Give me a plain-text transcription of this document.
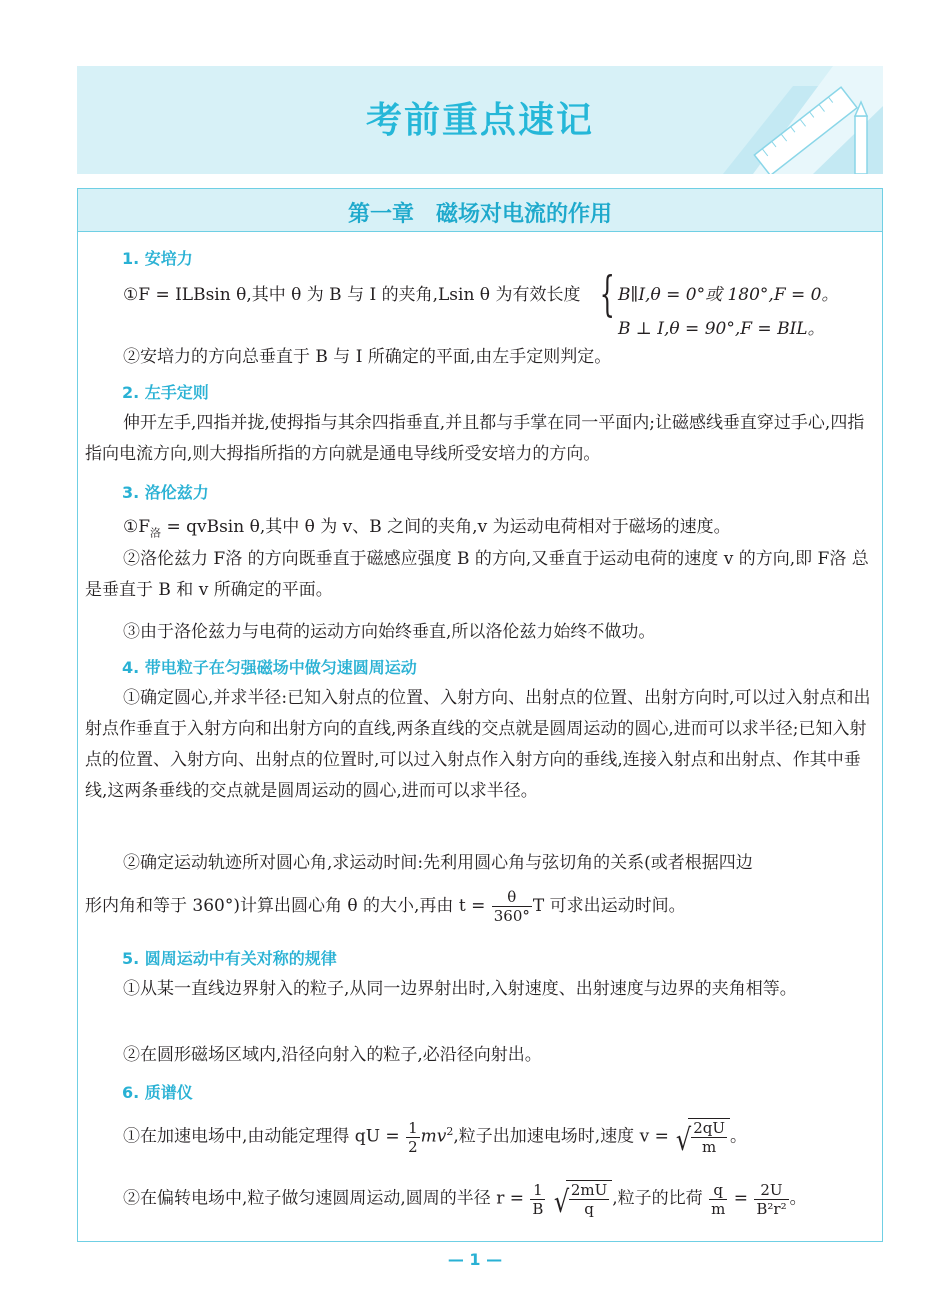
考前重点速记
第一章　磁场对电流的作用
1. 安培力
①F = ILBsin θ,其中 θ 为 B 与 I 的夹角,Lsin θ 为有效长度 { B∥I,θ = 0°或 180°,F = 0。
B ⊥ I,θ = 90°,F = BIL。
②安培力的方向总垂直于 B 与 I 所确定的平面,由左手定则判定。
2. 左手定则
伸开左手,四指并拢,使拇指与其余四指垂直,并且都与手掌在同一平面内;让磁感线垂直穿过手心,四指指向电流方向,则大拇指所指的方向就是通电导线所受安培力的方向。
3. 洛伦兹力
$①F_洛 = qvBsin$ θ,其中 θ 为 v、B 之间的夹角,v 为运动电荷相对于磁场的速度。
②洛伦兹力 F洛 的方向既垂直于磁感应强度 B 的方向,又垂直于运动电荷的速度 v 的方向,即 F洛 总是垂直于 B 和 v 所确定的平面。
③由于洛伦兹力与电荷的运动方向始终垂直,所以洛伦兹力始终不做功。
4. 带电粒子在匀强磁场中做匀速圆周运动
①确定圆心,并求半径:已知入射点的位置、入射方向、出射点的位置、出射方向时,可以过入射点和出射点作垂直于入射方向和出射方向的直线,两条直线的交点就是圆周运动的圆心,进而可以求半径;已知入射点的位置、入射方向、出射点的位置时,可以过入射点作入射方向的垂线,连接入射点和出射点、作其中垂线,这两条垂线的交点就是圆周运动的圆心,进而可以求半径。
②确定运动轨迹所对圆心角,求运动时间:先利用圆心角与弦切角的关系(或者根据四边
形内角和等于 360°)计算出圆心角 θ 的大小,再由 $t = \frac{\theta}{360^\circ}$ T 可求出运动时间。
5. 圆周运动中有关对称的规律
①从某一直线边界射入的粒子,从同一边界射出时,入射速度、出射速度与边界的夹角相等。
②在圆形磁场区域内,沿径向射入的粒子,必沿径向射出。
6. 质谱仪
①在加速电场中,由动能定理得 qU = $\frac{1}{2} mv^2$,粒子出加速电场时,速度 v = √ $\frac{2qU}{m}$ 。
②在偏转电场中,粒子做匀速圆周运动,圆周的半径 $r = \frac{1}{B}$
√ $\frac{2mU}{q}$ ,粒子的比荷 $\frac{q}{m} = \frac{2U}{\text{B²r²}}$ 。
— 1 —
